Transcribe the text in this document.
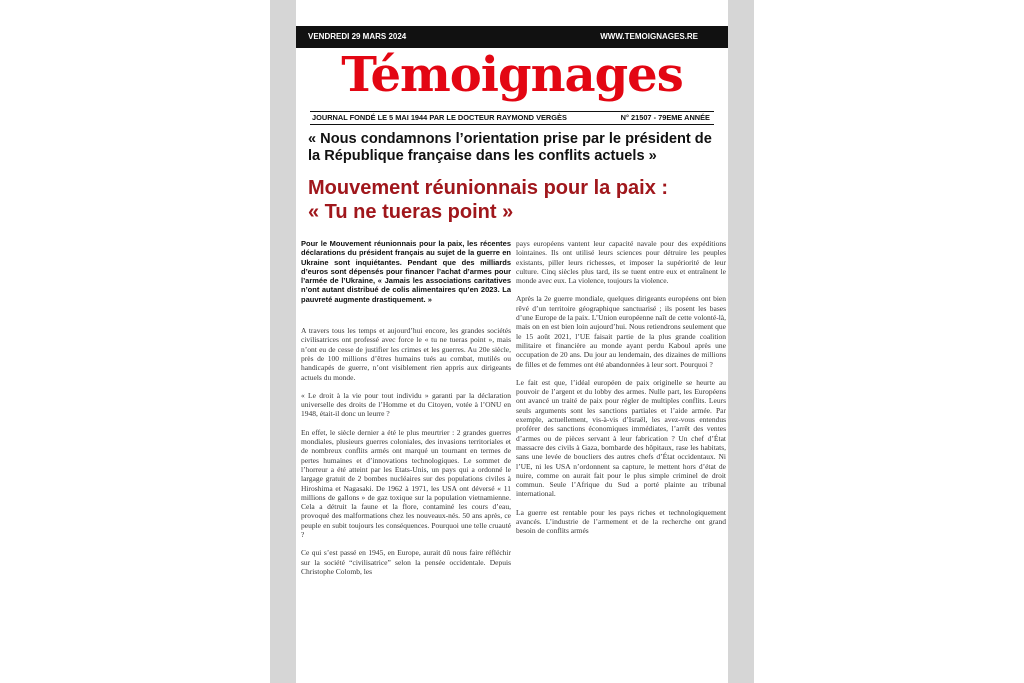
VENDREDI 29 MARS 2024	WWW.TEMOIGNAGES.RE
Témoignages
JOURNAL FONDÉ LE 5 MAI 1944 PAR LE DOCTEUR RAYMOND VERGÈS	N° 21507 - 79EME ANNÉE
« Nous condamnons l’orientation prise par le président de la République française dans les conflits actuels »
Mouvement réunionnais pour la paix :
« Tu ne tueras point »

Pour le Mouvement réunionnais pour la paix, les récentes déclarations du président français au sujet de la guerre en Ukraine sont inquiétantes. Pendant que des milliards d’euros sont dépensés pour financer l’achat d’armes pour l’armée de l’Ukraine, « Jamais les associations caritatives n’ont autant distribué de colis alimentaires qu’en 2023. La pauvreté augmente drastiquement. »

A travers tous les temps et aujourd’hui encore, les grandes sociétés civilisatrices ont professé avec force le « tu ne tueras point », mais n’ont eu de cesse de justifier les crimes et les guerres. Au 20e siècle, près de 100 millions d’êtres humains tués au combat, mutilés ou handicapés de guerre, n’ont visiblement rien appris aux dirigeants actuels du monde.

« Le droit à la vie pour tout individu » garanti par la déclaration universelle des droits de l’Homme et du Citoyen, votée à l’ONU en 1948, était-il donc un leurre ?

En effet, le siècle dernier a été le plus meurtrier : 2 grandes guerres mondiales, plusieurs guerres coloniales, des invasions territoriales et de nombreux conflits armés ont marqué un tournant en termes de pertes humaines et d’innovations technologiques. Le sommet de l’horreur a été atteint par les Etats-Unis, un pays qui a ordonné le largage gratuit de 2 bombes nucléaires sur des populations civiles à Hiroshima et Nagasaki. De 1962 à 1971, les USA ont déversé « 11 millions de gallons » de gaz toxique sur la population vietnamienne. Cela a détruit la faune et la flore, contaminé les cours d’eau, provoqué des malformations chez les nouveaux-nés. 50 ans après, ce peuple en subit toujours les conséquences. Pourquoi une telle cruauté ?

Ce qui s’est passé en 1945, en Europe, aurait dû nous faire réfléchir sur la société “civilisatrice” selon la pensée occidentale. Depuis Christophe Colomb, les

pays européens vantent leur capacité navale pour des expéditions lointaines. Ils ont utilisé leurs sciences pour détruire les peuples existants, piller leurs richesses, et imposer la supériorité de leur culture. Cinq siècles plus tard, ils se tuent entre eux et entraînent le monde avec eux. La violence, toujours la violence.

Après la 2e guerre mondiale, quelques dirigeants européens ont bien rêvé d’un territoire géographique sanctuarisé ; ils posent les bases d’une Europe de la paix. L’Union européenne naît de cette volonté-là, mais on en est bien loin aujourd’hui. Nous retiendrons seulement que le 15 août 2021, l’UE faisait partie de la plus grande coalition militaire et financière au monde ayant perdu Kaboul après une occupation de 20 ans. Du jour au lendemain, des dizaines de millions de filles et de femmes ont été abandonnées à leur sort. Pourquoi ?

Le fait est que, l’idéal européen de paix originelle se heurte au pouvoir de l’argent et du lobby des armes. Nulle part, les Européens ont avancé un traité de paix pour régler de multiples conflits. Leurs seuls arguments sont les sanctions partiales et l’aide armée. Par exemple, actuellement, vis-à-vis d’Israël, les avez-vous entendus proférer des sanctions économiques immédiates, l’arrêt des ventes d’armes ou de pièces servant à leur fabrication ? Un chef d’État massacre des civils à Gaza, bombarde des hôpitaux, rase les habitats, sans une levée de boucliers des autres chefs d’État occidentaux. Ni l’UE, ni les USA n’ordonnent sa capture, le mettent hors d’état de nuire, comme on aurait fait pour le plus simple criminel de droit commun. Seule l’Afrique du Sud a porté plainte au tribunal international.

La guerre est rentable pour les pays riches et technologiquement avancés. L’industrie de l’armement et de la recherche ont grand besoin de conflits armés
